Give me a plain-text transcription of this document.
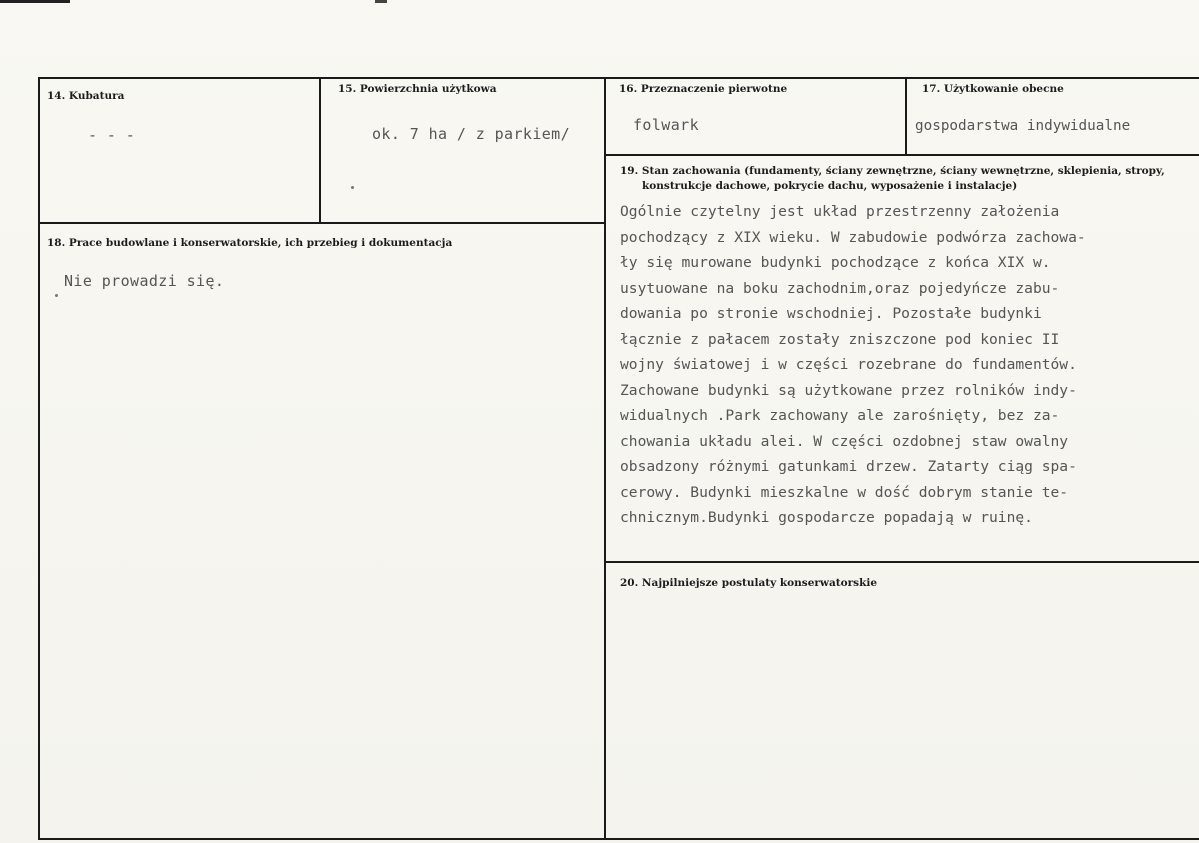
14. Kubatura
- - -
15. Powierzchnia użytkowa
ok. 7 ha / z parkiem/
16. Przeznaczenie pierwotne
folwark
17. Użytkowanie obecne
gospodarstwa indywidualne
18. Prace budowlane i konserwatorskie, ich przebieg i dokumentacja
Nie prowadzi się.
19. Stan zachowania (fundamenty, ściany zewnętrzne, ściany wewnętrzne, sklepienia, stropy,
konstrukcje dachowe, pokrycie dachu, wyposażenie i instalacje)
Ogólnie czytelny jest układ przestrzenny założenia
pochodzący z XIX wieku. W zabudowie podwórza zachowa-
ły się murowane budynki pochodzące z końca XIX w.
usytuowane na boku zachodnim,oraz pojedyńcze zabu-
dowania po stronie wschodniej. Pozostałe budynki
łącznie z pałacem zostały zniszczone pod koniec II
wojny światowej i w części rozebrane do fundamentów.
Zachowane budynki są użytkowane przez rolników indy-
widualnych .Park zachowany ale zarośnięty, bez za-
chowania układu alei. W części ozdobnej staw owalny
obsadzony różnymi gatunkami drzew. Zatarty ciąg spa-
cerowy. Budynki mieszkalne w dość dobrym stanie te-
chnicznym.Budynki gospodarcze popadają w ruinę.
20. Najpilniejsze postulaty konserwatorskie
